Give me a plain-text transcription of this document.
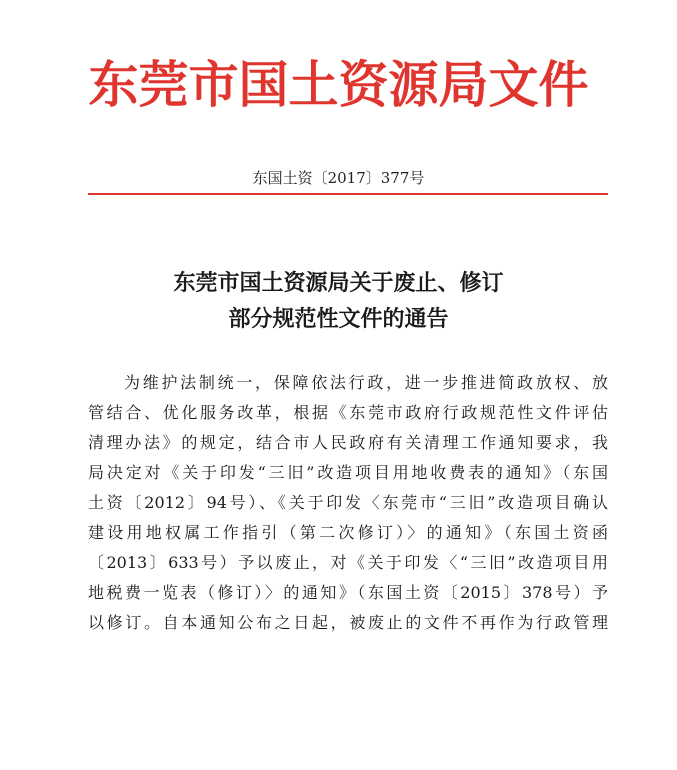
东莞市国土资源局文件
东国土资〔2017〕377号
东莞市国土资源局关于废止、修订
部分规范性文件的通告
为维护法制统一，保障依法行政，进一步推进简政放权、放
管结合、优化服务改革，根据《东莞市政府行政规范性文件评估
清理办法》的规定，结合市人民政府有关清理工作通知要求，我
局决定对《关于印发“三旧”改造项目用地收费表的通知》（东国
土资〔2012〕94号）、《关于印发〈东莞市“三旧”改造项目确认
建设用地权属工作指引（第二次修订）〉的通知》（东国土资函
〔2013〕633号）予以废止，对《关于印发〈“三旧”改造项目用
地税费一览表（修订）〉的通知》（东国土资〔2015〕378号）予
以修订。自本通知公布之日起，被废止的文件不再作为行政管理
